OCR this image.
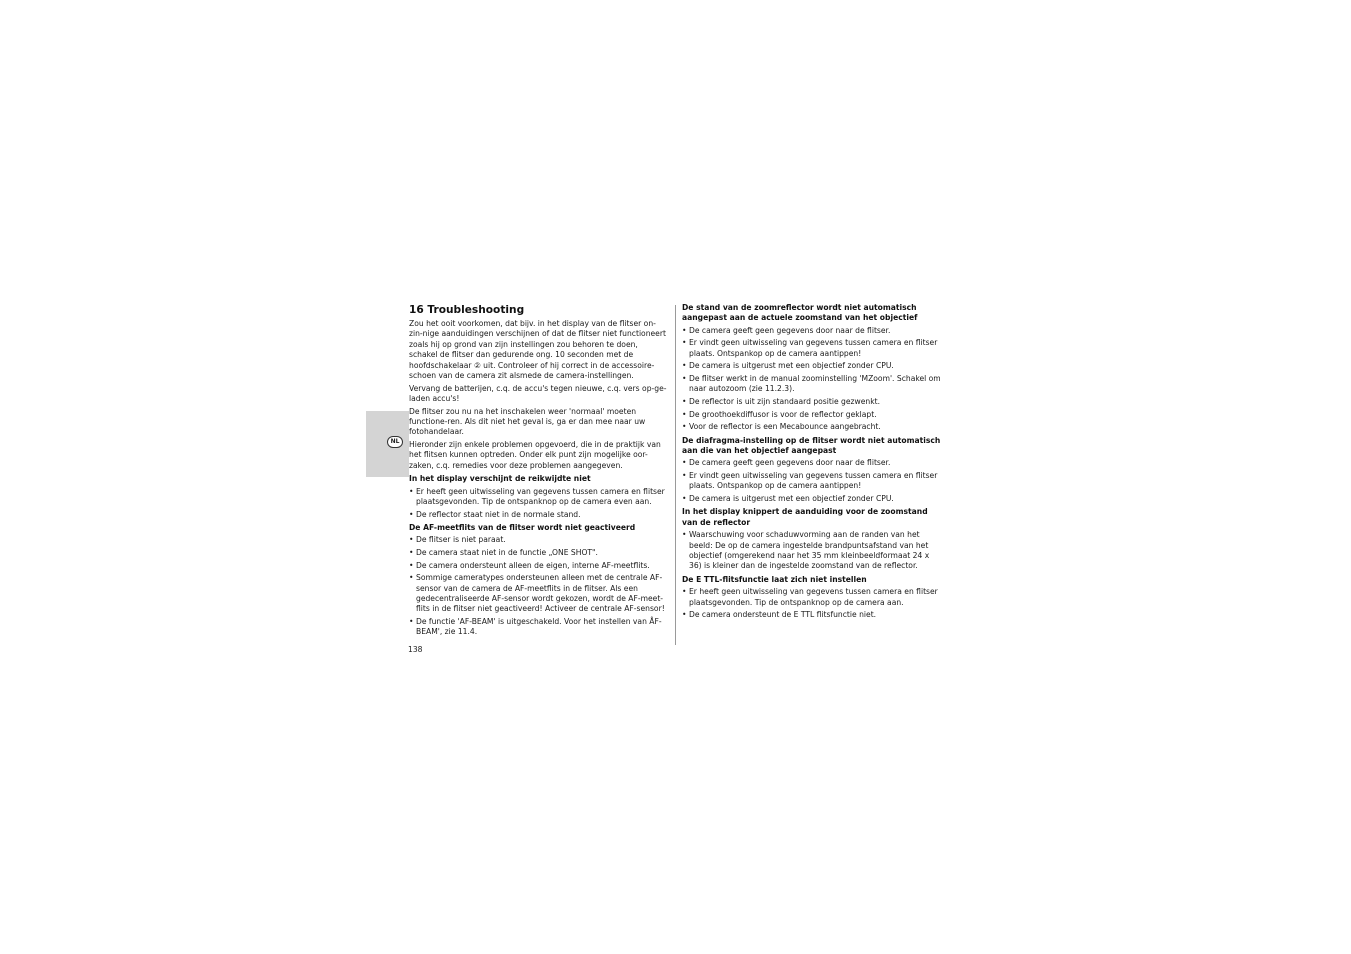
NL
16 Troubleshooting

Zou het ooit voorkomen, dat bijv. in het display van de flitser on-zin-nige aanduidingen verschijnen of dat de flitser niet functioneert zoals hij op grond van zijn instellingen zou behoren te doen, schakel de flitser dan gedurende ong. 10 seconden met de hoofdschakelaar ② uit. Controleer of hij correct in de accessoire-schoen van de camera zit alsmede de camera-instellingen.

Vervang de batterijen, c.q. de accu's tegen nieuwe, c.q. vers op-ge-laden accu's!

De flitser zou nu na het inschakelen weer 'normaal' moeten functione-ren. Als dit niet het geval is, ga er dan mee naar uw fotohandelaar.

Hieronder zijn enkele problemen opgevoerd, die in de praktijk van het flitsen kunnen optreden. Onder elk punt zijn mogelijke oor-zaken, c.q. remedies voor deze problemen aangegeven.

In het display verschijnt de reikwijdte niet
• Er heeft geen uitwisseling van gegevens tussen camera en flitser plaatsgevonden. Tip de ontspanknop op de camera even aan.
• De reflector staat niet in de normale stand.
De AF-meetflits van de flitser wordt niet geactiveerd
• De flitser is niet paraat.
• De camera staat niet in de functie „ONE SHOT".
• De camera ondersteunt alleen de eigen, interne AF-meetflits.
• Sommige cameratypes ondersteunen alleen met de centrale AF-sensor van de camera de AF-meetflits in de flitser. Als een gedecentraliseerde AF-sensor wordt gekozen, wordt de AF-meet-flits in de flitser niet geactiveerd! Activeer de centrale AF-sensor!
• De functie 'AF-BEAM' is uitgeschakeld. Voor het instellen van ÅF-BEAM', zie 11.4.
De stand van de zoomreflector wordt niet automatisch aangepast aan de actuele zoomstand van het objectief
• De camera geeft geen gegevens door naar de flitser.
• Er vindt geen uitwisseling van gegevens tussen camera en flitser plaats. Ontspankop op de camera aantippen!
• De camera is uitgerust met een objectief zonder CPU.
• De flitser werkt in de manual zoominstelling 'MZoom'. Schakel om naar autozoom (zie 11.2.3).
• De reflector is uit zijn standaard positie gezwenkt.
• De groothoekdiffusor is voor de reflector geklapt.
• Voor de reflector is een Mecabounce aangebracht.
De diafragma-instelling op de flitser wordt niet automatisch aan die van het objectief aangepast
• De camera geeft geen gegevens door naar de flitser.
• Er vindt geen uitwisseling van gegevens tussen camera en flitser plaats. Ontspankop op de camera aantippen!
• De camera is uitgerust met een objectief zonder CPU.
In het display knippert de aanduiding voor de zoomstand van de reflector
• Waarschuwing voor schaduwvorming aan de randen van het beeld: De op de camera ingestelde brandpuntsafstand van het objectief (omgerekend naar het 35 mm kleinbeeldformaat 24 x 36) is kleiner dan de ingestelde zoomstand van de reflector.
De E TTL-flitsfunctie laat zich niet instellen
• Er heeft geen uitwisseling van gegevens tussen camera en flitser plaatsgevonden. Tip de ontspanknop op de camera aan.
• De camera ondersteunt de E TTL flitsfunctie niet.
138
